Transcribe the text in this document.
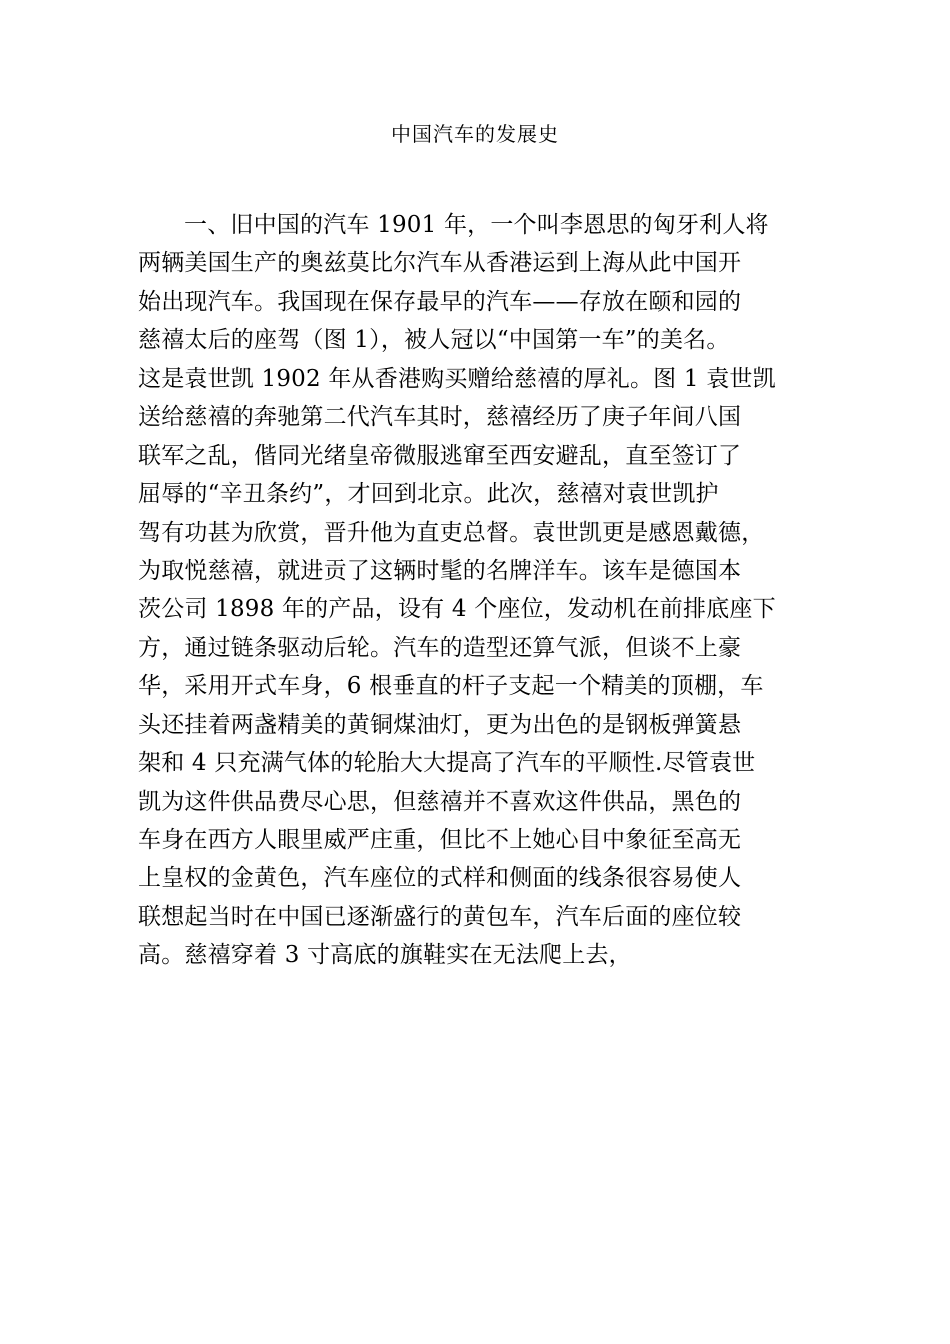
中国汽车的发展史
一、旧中国的汽车 1901 年，一个叫李恩思的匈牙利人将
两辆美国生产的奥兹莫比尔汽车从香港运到上海从此中国开
始出现汽车。我国现在保存最早的汽车——存放在颐和园的
慈禧太后的座驾（图 1），被人冠以“中国第一车”的美名。
这是袁世凯 1902 年从香港购买赠给慈禧的厚礼。图 1 袁世凯
送给慈禧的奔驰第二代汽车其时，慈禧经历了庚子年间八国
联军之乱，偕同光绪皇帝微服逃窜至西安避乱，直至签订了
屈辱的“辛丑条约”，才回到北京。此次，慈禧对袁世凯护
驾有功甚为欣赏，晋升他为直吏总督。袁世凯更是感恩戴德，
为取悦慈禧，就进贡了这辆时髦的名牌洋车。该车是德国本
茨公司 1898 年的产品，设有 4 个座位，发动机在前排底座下
方，通过链条驱动后轮。汽车的造型还算气派，但谈不上豪
华，采用开式车身，6 根垂直的杆子支起一个精美的顶棚，车
头还挂着两盏精美的黄铜煤油灯，更为出色的是钢板弹簧悬
架和 4 只充满气体的轮胎大大提高了汽车的平顺性.尽管袁世
凯为这件供品费尽心思，但慈禧并不喜欢这件供品，黑色的
车身在西方人眼里威严庄重，但比不上她心目中象征至高无
上皇权的金黄色，汽车座位的式样和侧面的线条很容易使人
联想起当时在中国已逐渐盛行的黄包车，汽车后面的座位较
高。慈禧穿着 3 寸高底的旗鞋实在无法爬上去，
